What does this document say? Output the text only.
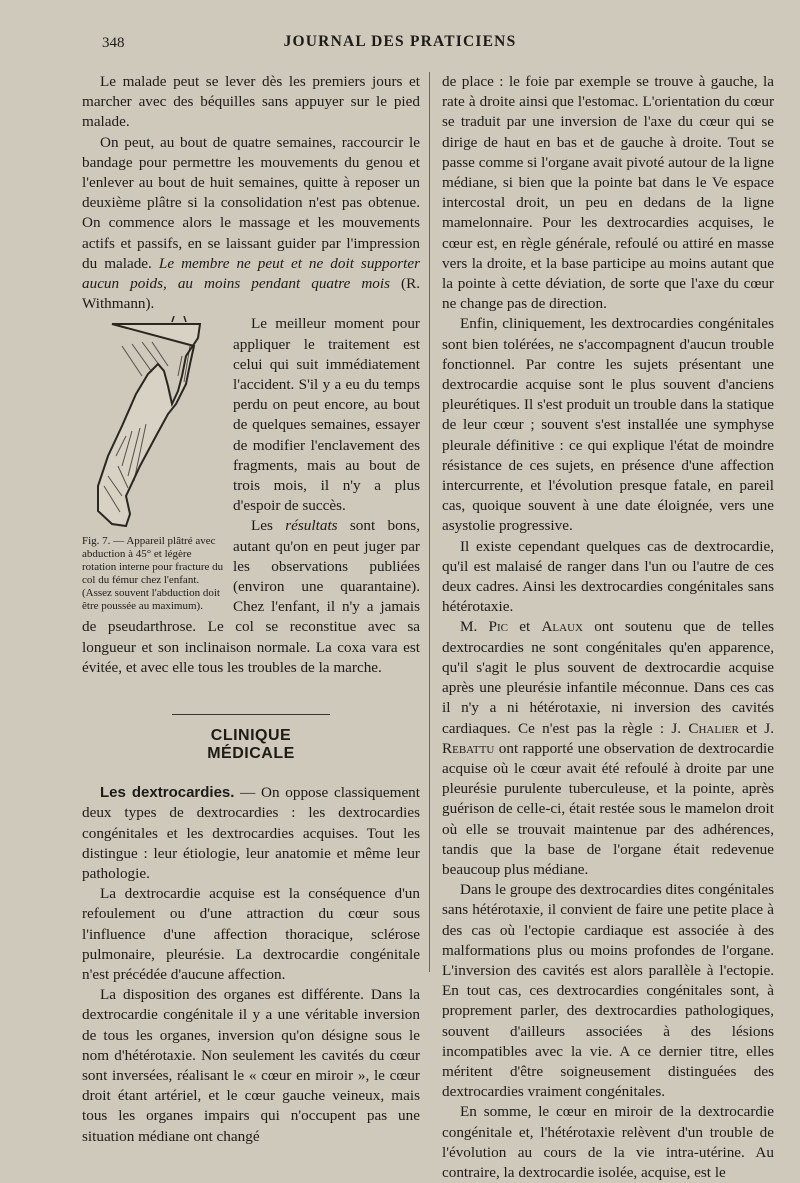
348	JOURNAL DES PRATICIENS

Le malade peut se lever dès les premiers jours et marcher avec des béquilles sans appuyer sur le pied malade.

On peut, au bout de quatre semaines, raccourcir le bandage pour permettre les mouvements du genou et l'enlever au bout de huit semaines, quitte à reposer un deuxième plâtre si la consolidation n'est pas obtenue. On commence alors le massage et les mouvements actifs et passifs, en se laissant guider par l'impression du malade. Le membre ne peut et ne doit supporter aucun poids, au moins pendant quatre mois (R. Withmann).

Fig. 7. — Appareil plâtré avec abduction à 45° et légère rotation interne pour fracture du col du fémur chez l'enfant. (Assez souvent l'abduction doit être poussée au maximum).

Le meilleur moment pour appliquer le traitement est celui qui suit immédiatement l'accident. S'il y a eu du temps perdu on peut encore, au bout de quelques semaines, essayer de modifier l'enclavement des fragments, mais au bout de trois mois, il n'y a plus d'espoir de succès.

Les résultats sont bons, autant qu'on en peut juger par les observations publiées (environ une quarantaine). Chez l'enfant, il n'y a jamais de pseudarthrose. Le col se reconstitue avec sa longueur et son inclinaison normale. La coxa vara est évitée, et avec elle tous les troubles de la marche.

CLINIQUE MÉDICALE

Les dextrocardies. — On oppose classiquement deux types de dextrocardies : les dextrocardies congénitales et les dextrocardies acquises. Tout les distingue : leur étiologie, leur anatomie et même leur pathologie.

La dextrocardie acquise est la conséquence d'un refoulement ou d'une attraction du cœur sous l'influence d'une affection thoracique, sclérose pulmonaire, pleurésie. La dextrocardie congénitale n'est précédée d'aucune affection.

La disposition des organes est différente. Dans la dextrocardie congénitale il y a une véritable inversion de tous les organes, inversion qu'on désigne sous le nom d'hétérotaxie. Non seulement les cavités du cœur sont inversées, réalisant le « cœur en miroir », le cœur droit étant artériel, et le cœur gauche veineux, mais tous les organes impairs qui n'occupent pas une situation médiane ont changé

de place : le foie par exemple se trouve à gauche, la rate à droite ainsi que l'estomac. L'orientation du cœur se traduit par une inversion de l'axe du cœur qui se dirige de haut en bas et de gauche à droite. Tout se passe comme si l'organe avait pivoté autour de la ligne médiane, si bien que la pointe bat dans le Ve espace intercostal droit, un peu en dedans de la ligne mamelonnaire. Pour les dextrocardies acquises, le cœur est, en règle générale, refoulé ou attiré en masse vers la droite, et la base participe au moins autant que la pointe à cette déviation, de sorte que l'axe du cœur ne change pas de direction.

Enfin, cliniquement, les dextrocardies congénitales sont bien tolérées, ne s'accompagnent d'aucun trouble fonctionnel. Par contre les sujets présentant une dextrocardie acquise sont le plus souvent d'anciens pleurétiques. Il s'est produit un trouble dans la statique de leur cœur ; souvent s'est installée une symphyse pleurale définitive : ce qui explique l'état de moindre résistance de ces sujets, en présence d'une affection intercurrente, et l'évolution presque fatale, en pareil cas, quoique souvent à une date éloignée, vers une asystolie progressive.

Il existe cependant quelques cas de dextrocardie, qu'il est malaisé de ranger dans l'un ou l'autre de ces deux cadres. Ainsi les dextrocardies congénitales sans hétérotaxie.

M. Pic et Alaux ont soutenu que de telles dextrocardies ne sont congénitales qu'en apparence, qu'il s'agit le plus souvent de dextrocardie acquise après une pleurésie infantile méconnue. Dans ces cas il n'y a ni hétérotaxie, ni inversion des cavités cardiaques. Ce n'est pas la règle : J. Chalier et J. Rebattu ont rapporté une observation de dextrocardie acquise où le cœur avait été refoulé à droite par une pleurésie purulente tuberculeuse, et la pointe, après guérison de celle-ci, était restée sous le mamelon droit où elle se trouvait maintenue par des adhérences, tandis que la base de l'organe était redevenue beaucoup plus médiane.

Dans le groupe des dextrocardies dites congénitales sans hétérotaxie, il convient de faire une petite place à des cas où l'ectopie cardiaque est associée à des malformations plus ou moins profondes de l'organe. L'inversion des cavités est alors parallèle à l'ectopie. En tout cas, ces dextrocardies congénitales sont, à proprement parler, des dextrocardies pathologiques, souvent d'ailleurs associées à des lésions incompatibles avec la vie. A ce dernier titre, elles méritent d'être soigneusement distinguées des dextrocardies vraiment congénitales.

En somme, le cœur en miroir de la dextrocardie congénitale et, l'hétérotaxie relèvent d'un trouble de l'évolution au cours de la vie intra-utérine. Au contraire, la dextrocardie isolée, acquise, est le
